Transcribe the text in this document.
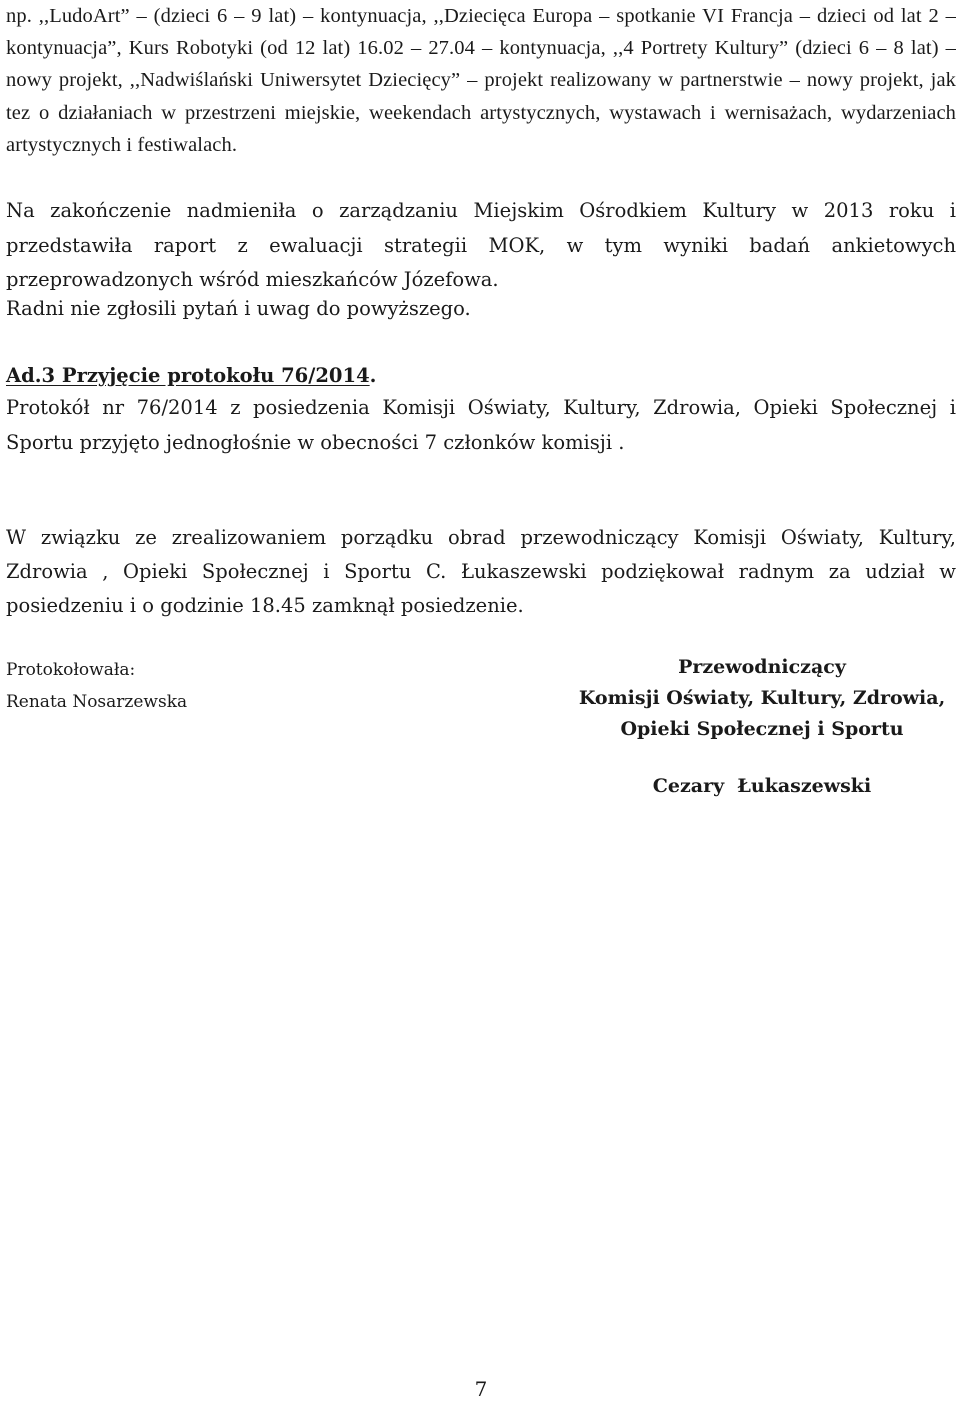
np. ,,LudoArt” – (dzieci 6 – 9 lat) – kontynuacja, ,,Dziecięca Europa – spotkanie VI Francja – dzieci od lat 2 – kontynuacja”, Kurs Robotyki (od 12 lat) 16.02 – 27.04 – kontynuacja, ,,4 Portrety Kultury” (dzieci 6 – 8 lat) – nowy projekt, ,,Nadwiślański Uniwersytet Dziecięcy” – projekt realizowany w partnerstwie – nowy projekt, jak tez o działaniach w przestrzeni miejskie, weekendach artystycznych, wystawach i wernisażach, wydarzeniach artystycznych i festiwalach.

Na zakończenie nadmieniła o zarządzaniu Miejskim Ośrodkiem Kultury w 2013 roku i przedstawiła raport z ewaluacji strategii MOK, w tym wyniki badań ankietowych przeprowadzonych wśród mieszkańców Józefowa.

Radni nie zgłosili pytań i uwag do powyższego.

Ad.3 Przyjęcie protokołu 76/2014.

Protokół nr 76/2014 z posiedzenia Komisji Oświaty, Kultury, Zdrowia, Opieki Społecznej i Sportu przyjęto jednogłośnie w obecności 7 członków komisji .

W związku ze zrealizowaniem porządku obrad przewodniczący Komisji Oświaty, Kultury, Zdrowia , Opieki Społecznej i Sportu C. Łukaszewski podziękował radnym za udział w posiedzeniu i o godzinie 18.45 zamknął posiedzenie.

Protokołowała:
Renata Nosarzewska
Przewodniczący
Komisji Oświaty, Kultury, Zdrowia,
Opieki Społecznej i Sportu
Cezary  Łukaszewski
7
